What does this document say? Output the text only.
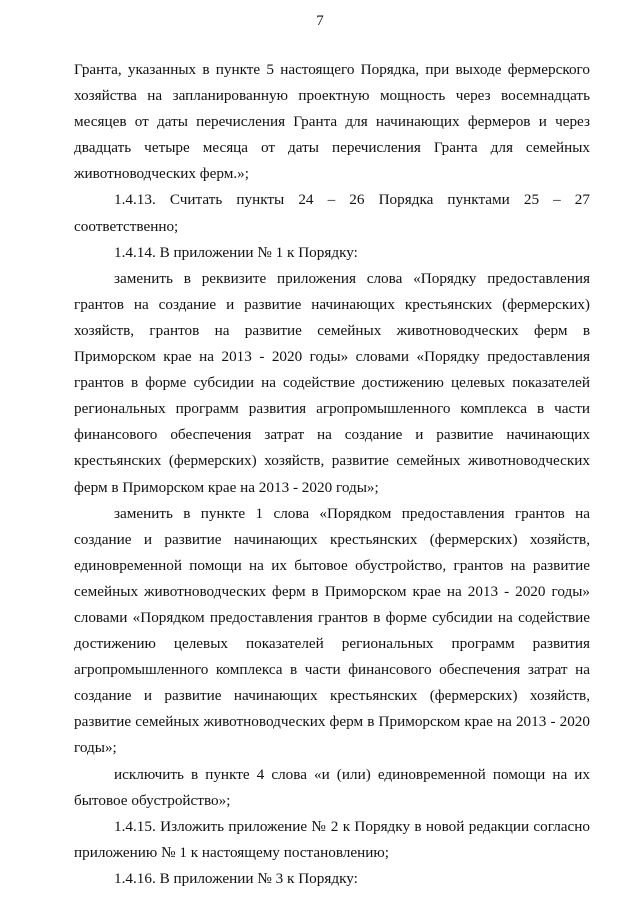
7

Гранта, указанных в пункте 5 настоящего Порядка, при выходе фермерского хозяйства на запланированную проектную мощность через восемнадцать месяцев от даты перечисления Гранта для начинающих фермеров и через двадцать четыре месяца от даты перечисления Гранта для семейных животноводческих ферм.»;

1.4.13. Считать пункты 24 – 26 Порядка пунктами 25 – 27 соответственно;

1.4.14. В приложении № 1 к Порядку:

заменить в реквизите приложения слова «Порядку предоставления грантов на создание и развитие начинающих крестьянских (фермерских) хозяйств, грантов на развитие семейных животноводческих ферм в Приморском крае на 2013 - 2020 годы» словами «Порядку предоставления грантов в форме субсидии на содействие достижению целевых показателей региональных программ развития агропромышленного комплекса в части финансового обеспечения затрат на создание и развитие начинающих крестьянских (фермерских) хозяйств, развитие семейных животноводческих ферм в Приморском крае на 2013 - 2020 годы»;

заменить в пункте 1 слова «Порядком предоставления грантов на создание и развитие начинающих крестьянских (фермерских) хозяйств, единовременной помощи на их бытовое обустройство, грантов на развитие семейных животноводческих ферм в Приморском крае на 2013 - 2020 годы» словами «Порядком предоставления грантов в форме субсидии на содействие достижению целевых показателей региональных программ развития агропромышленного комплекса в части финансового обеспечения затрат на создание и развитие начинающих крестьянских (фермерских) хозяйств, развитие семейных животноводческих ферм в Приморском крае на 2013 - 2020 годы»;

исключить в пункте 4 слова «и (или) единовременной помощи на их бытовое обустройство»;

1.4.15. Изложить приложение № 2 к Порядку в новой редакции согласно приложению № 1 к настоящему постановлению;

1.4.16. В приложении № 3 к Порядку:
